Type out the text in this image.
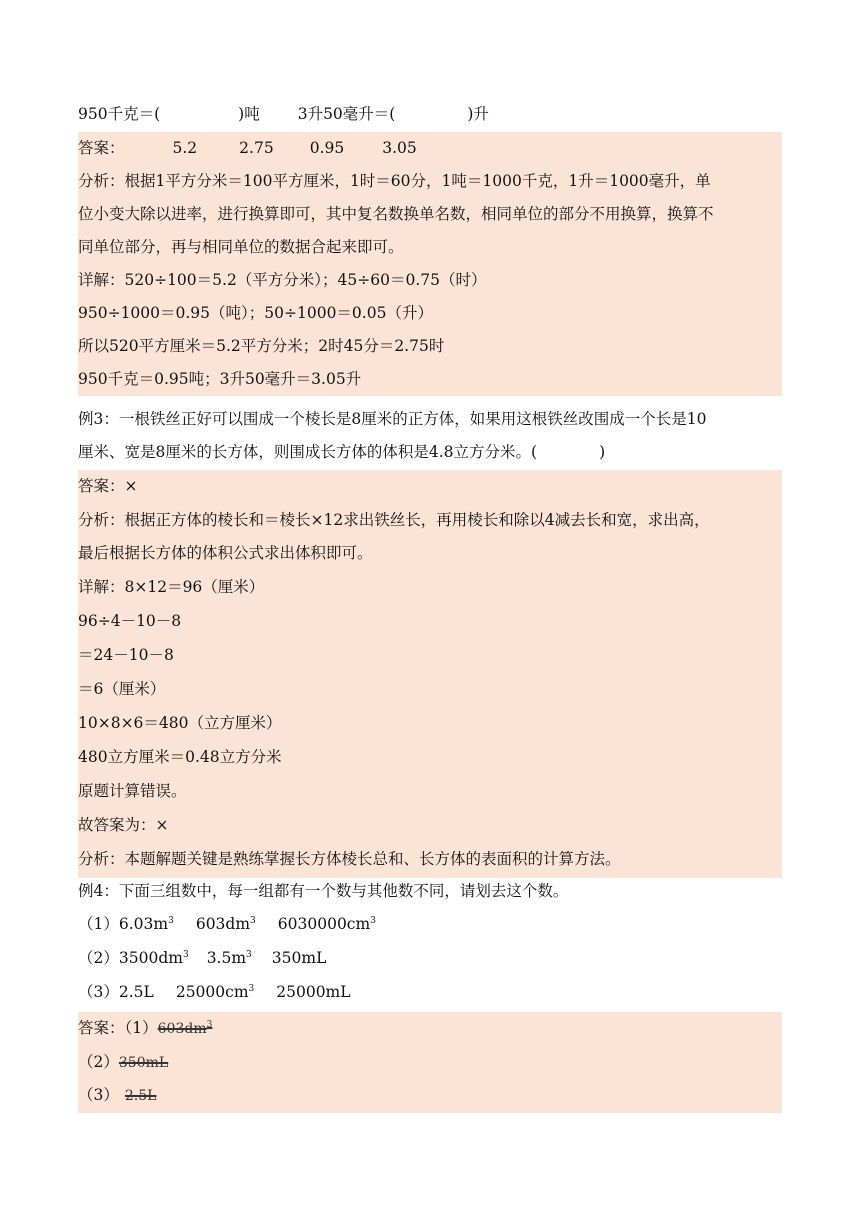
950千克＝(	)吨 3升50毫升＝(	)升
答案：	5.2	2.75 0.95 3.05
分析：根据1平方分米＝100平方厘米，1时＝60分，1吨＝1000千克，1升＝1000毫升，单
位小变大除以进率，进行换算即可，其中复名数换单名数，相同单位的部分不用换算，换算不
同单位部分，再与相同单位的数据合起来即可。
详解：520÷100＝5.2（平方分米）；45÷60＝0.75（时）
950÷1000＝0.95（吨）；50÷1000＝0.05（升）
所以520平方厘米＝5.2平方分米；2时45分＝2.75时
950千克＝0.95吨；3升50毫升＝3.05升
例3：一根铁丝正好可以围成一个棱长是8厘米的正方体，如果用这根铁丝改围成一个长是10
厘米、宽是8厘米的长方体，则围成长方体的体积是4.8立方分米。(	)
答案：×
分析：根据正方体的棱长和＝棱长×12求出铁丝长，再用棱长和除以4减去长和宽，求出高，
最后根据长方体的体积公式求出体积即可。
详解：8×12＝96（厘米）
96÷4－10－8
＝24－10－8
＝6（厘米）
10×8×6＝480（立方厘米）
480立方厘米＝0.48立方分米
原题计算错误。
故答案为：×
分析：本题解题关键是熟练掌握长方体棱长总和、长方体的表面积的计算方法。
例4：下面三组数中，每一组都有一个数与其他数不同，请划去这个数。
$(1)6.03m^3$ $603dm^3$ $6030000cm^3$
$(2)3500dm^3$ $3.5m^3$ 350mL
（3）2.5L $25000cm^3$ 25000mL
答案：$(1)603dm^3$
（2）350mL
（3） 2.5L
